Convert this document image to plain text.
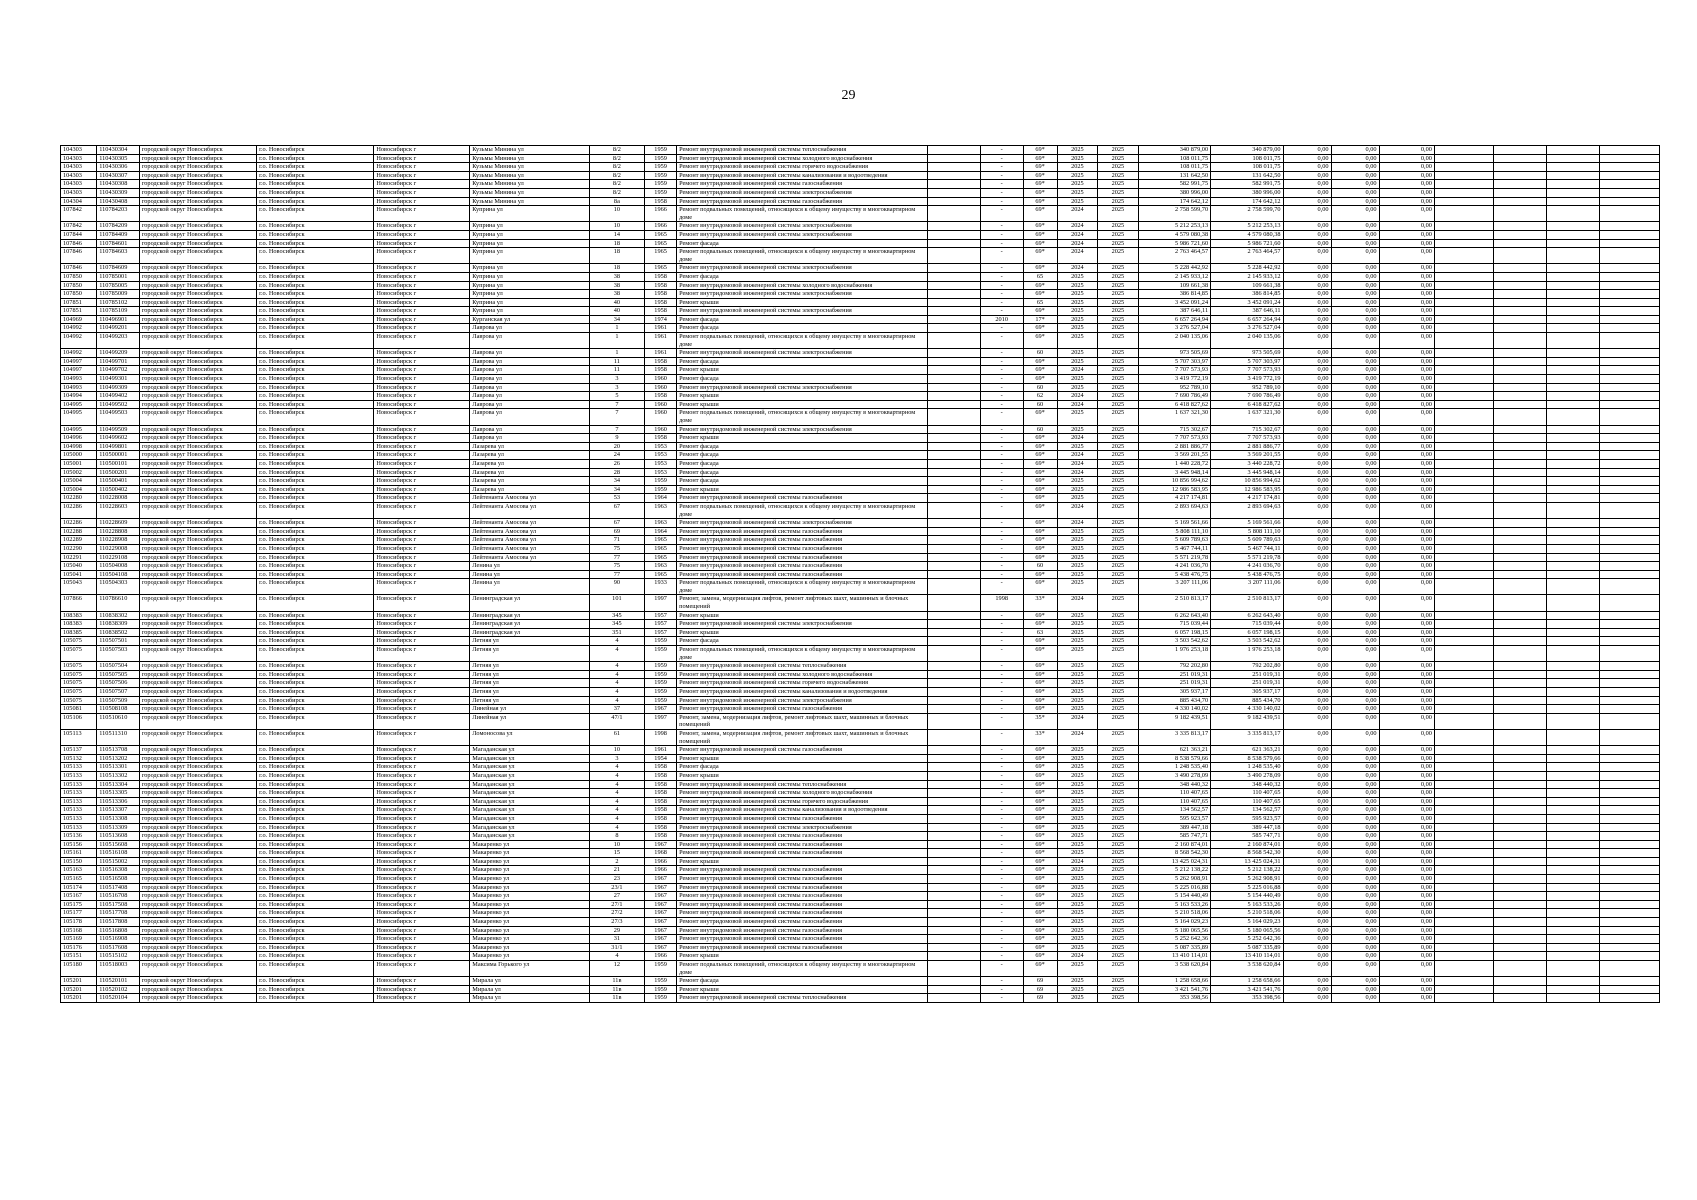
29
104303	110430304	городской округ Новосибирск	г.о. Новосибирск	Новосибирск г	Кузьмы Минина ул	8/2	1959	Ремонт внутридомовой инженерной системы теплоснабжения		-	69*	2025	2025	340 879,00	340 879,00	0,00	0,00	0,00				
104303	110430305	городской округ Новосибирск	г.о. Новосибирск	Новосибирск г	Кузьмы Минина ул	8/2	1959	Ремонт внутридомовой инженерной системы холодного водоснабжения		-	69*	2025	2025	108 011,75	108 011,75	0,00	0,00	0,00				
104303	110430306	городской округ Новосибирск	г.о. Новосибирск	Новосибирск г	Кузьмы Минина ул	8/2	1959	Ремонт внутридомовой инженерной системы горячего водоснабжения		-	69*	2025	2025	108 011,75	108 011,75	0,00	0,00	0,00				
104303	110430307	городской округ Новосибирск	г.о. Новосибирск	Новосибирск г	Кузьмы Минина ул	8/2	1959	Ремонт внутридомовой инженерной системы канализования и водоотведения		-	69*	2025	2025	131 642,50	131 642,50	0,00	0,00	0,00				
104303	110430308	городской округ Новосибирск	г.о. Новосибирск	Новосибирск г	Кузьмы Минина ул	8/2	1959	Ремонт внутридомовой инженерной системы газоснабжения		-	69*	2025	2025	582 991,75	582 991,75	0,00	0,00	0,00				
104303	110430309	городской округ Новосибирск	г.о. Новосибирск	Новосибирск г	Кузьмы Минина ул	8/2	1959	Ремонт внутридомовой инженерной системы электроснабжения		-	69*	2025	2025	380 996,00	380 996,00	0,00	0,00	0,00				
104304	110430408	городской округ Новосибирск	г.о. Новосибирск	Новосибирск г	Кузьмы Минина ул	8а	1958	Ремонт внутридомовой инженерной системы газоснабжения		-	69*	2025	2025	174 642,12	174 642,12	0,00	0,00	0,00				
107842	110784203	городской округ Новосибирск	г.о. Новосибирск	Новосибирск г	Куприна ул	10	1966	Ремонт подвальных помещений, относящихся к общему имуществу в многоквартирном доме		-	69*	2024	2025	2 758 599,70	2 758 599,70	0,00	0,00	0,00				
107842	110784209	городской округ Новосибирск	г.о. Новосибирск	Новосибирск г	Куприна ул	10	1966	Ремонт внутридомовой инженерной системы электроснабжения		-	69*	2024	2025	5 212 253,13	5 212 253,13	0,00	0,00	0,00				
107844	110784409	городской округ Новосибирск	г.о. Новосибирск	Новосибирск г	Куприна ул	14	1965	Ремонт внутридомовой инженерной системы электроснабжения		-	69*	2024	2025	4 579 080,38	4 579 080,38	0,00	0,00	0,00				
107846	110784601	городской округ Новосибирск	г.о. Новосибирск	Новосибирск г	Куприна ул	18	1965	Ремонт фасада		-	69*	2024	2025	5 986 721,60	5 986 721,60	0,00	0,00	0,00				
107846	110784603	городской округ Новосибирск	г.о. Новосибирск	Новосибирск г	Куприна ул	18	1965	Ремонт подвальных помещений, относящихся к общему имуществу в многоквартирном доме		-	69*	2024	2025	2 763 464,57	2 763 464,57	0,00	0,00	0,00				
107846	110784609	городской округ Новосибирск	г.о. Новосибирск	Новосибирск г	Куприна ул	18	1965	Ремонт внутридомовой инженерной системы электроснабжения		-	69*	2024	2025	5 228 442,92	5 228 442,92	0,00	0,00	0,00				
107850	110785001	городской округ Новосибирск	г.о. Новосибирск	Новосибирск г	Куприна ул	38	1958	Ремонт фасада		-	65	2025	2025	2 145 933,12	2 145 933,12	0,00	0,00	0,00				
107850	110785005	городской округ Новосибирск	г.о. Новосибирск	Новосибирск г	Куприна ул	38	1958	Ремонт внутридомовой инженерной системы холодного водоснабжения		-	69*	2025	2025	109 661,38	109 661,38	0,00	0,00	0,00				
107850	110785009	городской округ Новосибирск	г.о. Новосибирск	Новосибирск г	Куприна ул	38	1958	Ремонт внутридомовой инженерной системы электроснабжения		-	69*	2025	2025	386 814,85	386 814,85	0,00	0,00	0,00				
107851	110785102	городской округ Новосибирск	г.о. Новосибирск	Новосибирск г	Куприна ул	40	1958	Ремонт крыши		-	65	2025	2025	3 452 091,24	3 452 091,24	0,00	0,00	0,00				
107851	110785109	городской округ Новосибирск	г.о. Новосибирск	Новосибирск г	Куприна ул	40	1958	Ремонт внутридомовой инженерной системы электроснабжения		-	69*	2025	2025	387 646,11	387 646,11	0,00	0,00	0,00				
104969	110496901	городской округ Новосибирск	г.о. Новосибирск	Новосибирск г	Курганская ул	34	1974	Ремонт фасада		2010	17*	2025	2025	6 657 264,94	6 657 264,94	0,00	0,00	0,00				
104992	110499201	городской округ Новосибирск	г.о. Новосибирск	Новосибирск г	Лаврова ул	1	1961	Ремонт фасада		-	69*	2025	2025	3 276 527,04	3 276 527,04	0,00	0,00	0,00				
104992	110499203	городской округ Новосибирск	г.о. Новосибирск	Новосибирск г	Лаврова ул	1	1961	Ремонт подвальных помещений, относящихся к общему имуществу в многоквартирном доме		-	69*	2025	2025	2 040 135,06	2 040 135,06	0,00	0,00	0,00				
104992	110499209	городской округ Новосибирск	г.о. Новосибирск	Новосибирск г	Лаврова ул	1	1961	Ремонт внутридомовой инженерной системы электроснабжения		-	60	2025	2025	973 505,69	973 505,69	0,00	0,00	0,00				
104997	110499701	городской округ Новосибирск	г.о. Новосибирск	Новосибирск г	Лаврова ул	11	1958	Ремонт фасада		-	69*	2025	2025	5 707 303,97	5 707 303,97	0,00	0,00	0,00				
104997	110499702	городской округ Новосибирск	г.о. Новосибирск	Новосибирск г	Лаврова ул	11	1958	Ремонт крыши		-	69*	2024	2025	7 707 573,93	7 707 573,93	0,00	0,00	0,00				
104993	110499301	городской округ Новосибирск	г.о. Новосибирск	Новосибирск г	Лаврова ул	3	1960	Ремонт фасада		-	69*	2025	2025	3 419 772,19	3 419 772,19	0,00	0,00	0,00				
104993	110499309	городской округ Новосибирск	г.о. Новосибирск	Новосибирск г	Лаврова ул	3	1960	Ремонт внутридомовой инженерной системы электроснабжения		-	60	2025	2025	952 789,10	952 789,10	0,00	0,00	0,00				
104994	110499402	городской округ Новосибирск	г.о. Новосибирск	Новосибирск г	Лаврова ул	5	1958	Ремонт крыши		-	62	2024	2025	7 690 786,49	7 690 786,49	0,00	0,00	0,00				
104995	110499502	городской округ Новосибирск	г.о. Новосибирск	Новосибирск г	Лаврова ул	7	1960	Ремонт крыши		-	60	2024	2025	6 418 827,62	6 418 827,62	0,00	0,00	0,00				
104995	110499503	городской округ Новосибирск	г.о. Новосибирск	Новосибирск г	Лаврова ул	7	1960	Ремонт подвальных помещений, относящихся к общему имуществу в многоквартирном доме		-	69*	2025	2025	1 637 321,30	1 637 321,30	0,00	0,00	0,00				
104995	110499509	городской округ Новосибирск	г.о. Новосибирск	Новосибирск г	Лаврова ул	7	1960	Ремонт внутридомовой инженерной системы электроснабжения		-	60	2025	2025	715 302,67	715 302,67	0,00	0,00	0,00				
104996	110499602	городской округ Новосибирск	г.о. Новосибирск	Новосибирск г	Лаврова ул	9	1958	Ремонт крыши		-	69*	2024	2025	7 707 573,93	7 707 573,93	0,00	0,00	0,00				
104998	110499801	городской округ Новосибирск	г.о. Новосибирск	Новосибирск г	Лазарева ул	20	1953	Ремонт фасада		-	69*	2025	2025	2 881 886,77	2 881 886,77	0,00	0,00	0,00				
105000	110500001	городской округ Новосибирск	г.о. Новосибирск	Новосибирск г	Лазарева ул	24	1953	Ремонт фасада		-	69*	2024	2025	3 569 201,55	3 569 201,55	0,00	0,00	0,00				
105001	110500101	городской округ Новосибирск	г.о. Новосибирск	Новосибирск г	Лазарева ул	26	1953	Ремонт фасада		-	69*	2024	2025	1 440 228,72	3 440 228,72	0,00	0,00	0,00				
105002	110500201	городской округ Новосибирск	г.о. Новосибирск	Новосибирск г	Лазарева ул	28	1953	Ремонт фасада		-	69*	2024	2025	3 445 948,14	3 445 948,14	0,00	0,00	0,00				
105004	110500401	городской округ Новосибирск	г.о. Новосибирск	Новосибирск г	Лазарева ул	34	1959	Ремонт фасада		-	69*	2025	2025	10 856 994,62	10 856 994,62	0,00	0,00	0,00				
105004	110500402	городской округ Новосибирск	г.о. Новосибирск	Новосибирск г	Лазарева ул	34	1959	Ремонт крыши		-	69*	2025	2025	12 986 583,95	12 986 583,95	0,00	0,00	0,00				
102280	110228008	городской округ Новосибирск	г.о. Новосибирск	Новосибирск г	Лейтенанта Амосова ул	53	1964	Ремонт внутридомовой инженерной системы газоснабжения		-	69*	2025	2025	4 217 174,81	4 217 174,81	0,00	0,00	0,00				
102286	110228603	городской округ Новосибирск	г.о. Новосибирск	Новосибирск г	Лейтенанта Амосова ул	67	1963	Ремонт подвальных помещений, относящихся к общему имуществу в многоквартирном доме		-	69*	2024	2025	2 893 694,63	2 893 694,63	0,00	0,00	0,00				
102286	110228609	городской округ Новосибирск	г.о. Новосибирск	Новосибирск г	Лейтенанта Амосова ул	67	1963	Ремонт внутридомовой инженерной системы электроснабжения		-	69*	2024	2025	5 169 561,66	5 169 561,66	0,00	0,00	0,00				
102288	110228808	городской округ Новосибирск	г.о. Новосибирск	Новосибирск г	Лейтенанта Амосова ул	69	1964	Ремонт внутридомовой инженерной системы газоснабжения		-	69*	2025	2025	5 808 111,10	5 808 111,10	0,00	0,00	0,00				
102289	110228908	городской округ Новосибирск	г.о. Новосибирск	Новосибирск г	Лейтенанта Амосова ул	71	1965	Ремонт внутридомовой инженерной системы газоснабжения		-	69*	2025	2025	5 609 789,63	5 609 789,63	0,00	0,00	0,00				
102290	110229008	городской округ Новосибирск	г.о. Новосибирск	Новосибирск г	Лейтенанта Амосова ул	75	1965	Ремонт внутридомовой инженерной системы газоснабжения		-	69*	2025	2025	5 467 744,11	5 467 744,11	0,00	0,00	0,00				
102291	110229108	городской округ Новосибирск	г.о. Новосибирск	Новосибирск г	Лейтенанта Амосова ул	77	1965	Ремонт внутридомовой инженерной системы газоснабжения		-	69*	2025	2025	5 571 219,78	5 571 219,78	0,00	0,00	0,00				
105040	110504008	городской округ Новосибирск	г.о. Новосибирск	Новосибирск г	Ленина ул	75	1963	Ремонт внутридомовой инженерной системы газоснабжения		-	60	2025	2025	4 241 036,70	4 241 036,70	0,00	0,00	0,00				
105041	110504108	городской округ Новосибирск	г.о. Новосибирск	Новосибирск г	Ленина ул	77	1965	Ремонт внутридомовой инженерной системы газоснабжения		-	69*	2025	2025	5 438 476,75	5 438 476,75	0,00	0,00	0,00				
105043	110504303	городской округ Новосибирск	г.о. Новосибирск	Новосибирск г	Ленина ул	90	1933	Ремонт подвальных помещений, относящихся к общему имуществу в многоквартирном доме		-	69*	2025	2025	3 207 111,06	3 207 111,06	0,00	0,00	0,00				
107866	110786610	городской округ Новосибирск	г.о. Новосибирск	Новосибирск г	Ленинградская ул	101	1997	Ремонт, замена, модернизация лифтов, ремонт лифтовых шахт, машинных и блочных помещений		1998	33*	2024	2025	2 510 813,17	2 510 813,17	0,00	0,00	0,00				
108383	110838302	городской округ Новосибирск	г.о. Новосибирск	Новосибирск г	Ленинградская ул	345	1957	Ремонт крыши		-	69*	2025	2025	6 262 643,40	6 262 643,40	0,00	0,00	0,00				
108383	110838309	городской округ Новосибирск	г.о. Новосибирск	Новосибирск г	Ленинградская ул	345	1957	Ремонт внутридомовой инженерной системы электроснабжения		-	69*	2025	2025	715 039,44	715 039,44	0,00	0,00	0,00				
108385	110838502	городской округ Новосибирск	г.о. Новосибирск	Новосибирск г	Ленинградская ул	351	1957	Ремонт крыши		-	63	2025	2025	6 057 198,15	6 057 198,15	0,00	0,00	0,00				
105075	110507501	городской округ Новосибирск	г.о. Новосибирск	Новосибирск г	Летняя ул	4	1959	Ремонт фасада		-	69*	2025	2025	3 503 542,62	3 503 542,62	0,00	0,00	0,00				
105075	110507503	городской округ Новосибирск	г.о. Новосибирск	Новосибирск г	Летняя ул	4	1959	Ремонт подвальных помещений, относящихся к общему имуществу в многоквартирном доме		-	69*	2025	2025	1 976 253,18	1 976 253,18	0,00	0,00	0,00				
105075	110507504	городской округ Новосибирск	г.о. Новосибирск	Новосибирск г	Летняя ул	4	1959	Ремонт внутридомовой инженерной системы теплоснабжения		-	69*	2025	2025	792 202,80	792 202,80	0,00	0,00	0,00				
105075	110507505	городской округ Новосибирск	г.о. Новосибирск	Новосибирск г	Летняя ул	4	1959	Ремонт внутридомовой инженерной системы холодного водоснабжения		-	69*	2025	2025	251 019,31	251 019,31	0,00	0,00	0,00				
105075	110507506	городской округ Новосибирск	г.о. Новосибирск	Новосибирск г	Летняя ул	4	1959	Ремонт внутридомовой инженерной системы горячего водоснабжения		-	69*	2025	2025	251 019,31	251 019,31	0,00	0,00	0,00				
105075	110507507	городской округ Новосибирск	г.о. Новосибирск	Новосибирск г	Летняя ул	4	1959	Ремонт внутридомовой инженерной системы канализования и водоотведения		-	69*	2025	2025	305 937,17	305 937,17	0,00	0,00	0,00				
105075	110507509	городской округ Новосибирск	г.о. Новосибирск	Новосибирск г	Летняя ул	4	1959	Ремонт внутридомовой инженерной системы электроснабжения		-	69*	2025	2025	885 434,70	885 434,70	0,00	0,00	0,00				
105081	110508108	городской округ Новосибирск	г.о. Новосибирск	Новосибирск г	Линейная ул	37	1967	Ремонт внутридомовой инженерной системы газоснабжения		-	69*	2025	2025	4 330 140,02	4 330 140,02	0,00	0,00	0,00				
105106	110510610	городской округ Новосибирск	г.о. Новосибирск	Новосибирск г	Линейная ул	47/1	1997	Ремонт, замена, модернизация лифтов, ремонт лифтовых шахт, машинных и блочных помещений		-	35*	2024	2025	9 182 439,51	9 182 439,51	0,00	0,00	0,00				
105113	110511310	городской округ Новосибирск	г.о. Новосибирск	Новосибирск г	Ломоносова ул	61	1998	Ремонт, замена, модернизация лифтов, ремонт лифтовых шахт, машинных и блочных помещений		-	33*	2024	2025	3 335 813,17	3 335 813,17	0,00	0,00	0,00				
105137	110513708	городской округ Новосибирск	г.о. Новосибирск	Новосибирск г	Магаданская ул	10	1961	Ремонт внутридомовой инженерной системы газоснабжения		-	69*	2025	2025	621 363,21	621 363,21	0,00	0,00	0,00				
105132	110513202	городской округ Новосибирск	г.о. Новосибирск	Новосибирск г	Магаданская ул	3	1954	Ремонт крыши		-	69*	2025	2025	8 538 579,66	8 538 579,66	0,00	0,00	0,00				
105133	110513301	городской округ Новосибирск	г.о. Новосибирск	Новосибирск г	Магаданская ул	4	1958	Ремонт фасада		-	69*	2025	2025	1 248 535,40	1 248 535,40	0,00	0,00	0,00				
105133	110513302	городской округ Новосибирск	г.о. Новосибирск	Новосибирск г	Магаданская ул	4	1958	Ремонт крыши		-	69*	2025	2025	3 490 278,09	3 490 278,09	0,00	0,00	0,00				
105133	110513304	городской округ Новосибирск	г.о. Новосибирск	Новосибирск г	Магаданская ул	4	1958	Ремонт внутридомовой инженерной системы теплоснабжения		-	69*	2025	2025	348 440,32	348 440,32	0,00	0,00	0,00				
105133	110513305	городской округ Новосибирск	г.о. Новосибирск	Новосибирск г	Магаданская ул	4	1958	Ремонт внутридомовой инженерной системы холодного водоснабжения		-	69*	2025	2025	110 407,65	110 407,65	0,00	0,00	0,00				
105133	110513306	городской округ Новосибирск	г.о. Новосибирск	Новосибирск г	Магаданская ул	4	1958	Ремонт внутридомовой инженерной системы горячего водоснабжения		-	69*	2025	2025	110 407,65	110 407,65	0,00	0,00	0,00				
105133	110513307	городской округ Новосибирск	г.о. Новосибирск	Новосибирск г	Магаданская ул	4	1958	Ремонт внутридомовой инженерной системы канализования и водоотведения		-	69*	2025	2025	134 562,57	134 562,57	0,00	0,00	0,00				
105133	110513308	городской округ Новосибирск	г.о. Новосибирск	Новосибирск г	Магаданская ул	4	1958	Ремонт внутридомовой инженерной системы газоснабжения		-	69*	2025	2025	595 923,57	595 923,57	0,00	0,00	0,00				
105133	110513309	городской округ Новосибирск	г.о. Новосибирск	Новосибирск г	Магаданская ул	4	1958	Ремонт внутридомовой инженерной системы электроснабжения		-	69*	2025	2025	389 447,18	389 447,18	0,00	0,00	0,00				
105136	110513608	городской округ Новосибирск	г.о. Новосибирск	Новосибирск г	Магаданская ул	8	1958	Ремонт внутридомовой инженерной системы газоснабжения		-	69*	2025	2025	585 747,71	585 747,71	0,00	0,00	0,00				
105156	110515608	городской округ Новосибирск	г.о. Новосибирск	Новосибирск г	Макаренко ул	10	1967	Ремонт внутридомовой инженерной системы газоснабжения		-	69*	2025	2025	2 160 874,01	2 160 874,01	0,00	0,00	0,00				
105161	110516108	городской округ Новосибирск	г.о. Новосибирск	Новосибирск г	Макаренко ул	15	1968	Ремонт внутридомовой инженерной системы газоснабжения		-	69*	2025	2025	8 568 542,30	8 568 542,30	0,00	0,00	0,00				
105150	110515002	городской округ Новосибирск	г.о. Новосибирск	Новосибирск г	Макаренко ул	2	1966	Ремонт крыши		-	69*	2024	2025	13 425 024,31	13 425 024,31	0,00	0,00	0,00				
105163	110516308	городской округ Новосибирск	г.о. Новосибирск	Новосибирск г	Макаренко ул	21	1966	Ремонт внутридомовой инженерной системы газоснабжения		-	69*	2025	2025	5 212 138,22	5 212 138,22	0,00	0,00	0,00				
105165	110516508	городской округ Новосибирск	г.о. Новосибирск	Новосибирск г	Макаренко ул	23	1967	Ремонт внутридомовой инженерной системы газоснабжения		-	69*	2025	2025	5 262 908,91	5 262 908,91	0,00	0,00	0,00				
105174	110517408	городской округ Новосибирск	г.о. Новосибирск	Новосибирск г	Макаренко ул	23/1	1967	Ремонт внутридомовой инженерной системы газоснабжения		-	69*	2025	2025	5 225 016,88	5 225 016,88	0,00	0,00	0,00				
105167	110516708	городской округ Новосибирск	г.о. Новосибирск	Новосибирск г	Макаренко ул	27	1967	Ремонт внутридомовой инженерной системы газоснабжения		-	69*	2025	2025	5 154 440,49	5 154 440,49	0,00	0,00	0,00				
105175	110517508	городской округ Новосибирск	г.о. Новосибирск	Новосибирск г	Макаренко ул	27/1	1967	Ремонт внутридомовой инженерной системы газоснабжения		-	69*	2025	2025	5 163 533,26	5 163 533,26	0,00	0,00	0,00				
105177	110517708	городской округ Новосибирск	г.о. Новосибирск	Новосибирск г	Макаренко ул	27/2	1967	Ремонт внутридомовой инженерной системы газоснабжения		-	69*	2025	2025	5 210 518,06	5 210 518,06	0,00	0,00	0,00				
105178	110517808	городской округ Новосибирск	г.о. Новосибирск	Новосибирск г	Макаренко ул	27/3	1967	Ремонт внутридомовой инженерной системы газоснабжения		-	69*	2025	2025	5 164 029,23	5 164 029,23	0,00	0,00	0,00				
105168	110516808	городской округ Новосибирск	г.о. Новосибирск	Новосибирск г	Макаренко ул	29	1967	Ремонт внутридомовой инженерной системы газоснабжения		-	69*	2025	2025	5 180 065,56	5 180 065,56	0,00	0,00	0,00				
105169	110516908	городской округ Новосибирск	г.о. Новосибирск	Новосибирск г	Макаренко ул	31	1967	Ремонт внутридомовой инженерной системы газоснабжения		-	69*	2025	2025	5 252 642,36	5 252 642,36	0,00	0,00	0,00				
105176	110517608	городской округ Новосибирск	г.о. Новосибирск	Новосибирск г	Макаренко ул	31/1	1967	Ремонт внутридомовой инженерной системы газоснабжения		-	69*	2025	2025	5 087 335,89	5 087 335,89	0,00	0,00	0,00				
105151	110515102	городской округ Новосибирск	г.о. Новосибирск	Новосибирск г	Макаренко ул	4	1966	Ремонт крыши		-	69*	2024	2025	13 410 114,01	13 410 114,01	0,00	0,00	0,00				
105180	110518003	городской округ Новосибирск	г.о. Новосибирск	Новосибирск г	Максима Горького ул	12	1959	Ремонт подвальных помещений, относящихся к общему имуществу в многоквартирном доме		-	69*	2025	2025	3 538 620,84	3 538 620,84	0,00	0,00	0,00				
105201	110520101	городской округ Новосибирск	г.о. Новосибирск	Новосибирск г	Мирала ул	11в	1959	Ремонт фасада		-	69	2025	2025	1 258 658,66	1 258 658,66	0,00	0,00	0,00				
105201	110520102	городской округ Новосибирск	г.о. Новосибирск	Новосибирск г	Мирала ул	11в	1959	Ремонт крыши		-	69	2025	2025	3 421 541,76	3 421 541,76	0,00	0,00	0,00				
105201	110520104	городской округ Новосибирск	г.о. Новосибирск	Новосибирск г	Мирала ул	11в	1959	Ремонт внутридомовой инженерной системы теплоснабжения		-	69	2025	2025	353 398,56	353 398,56	0,00	0,00	0,00				
